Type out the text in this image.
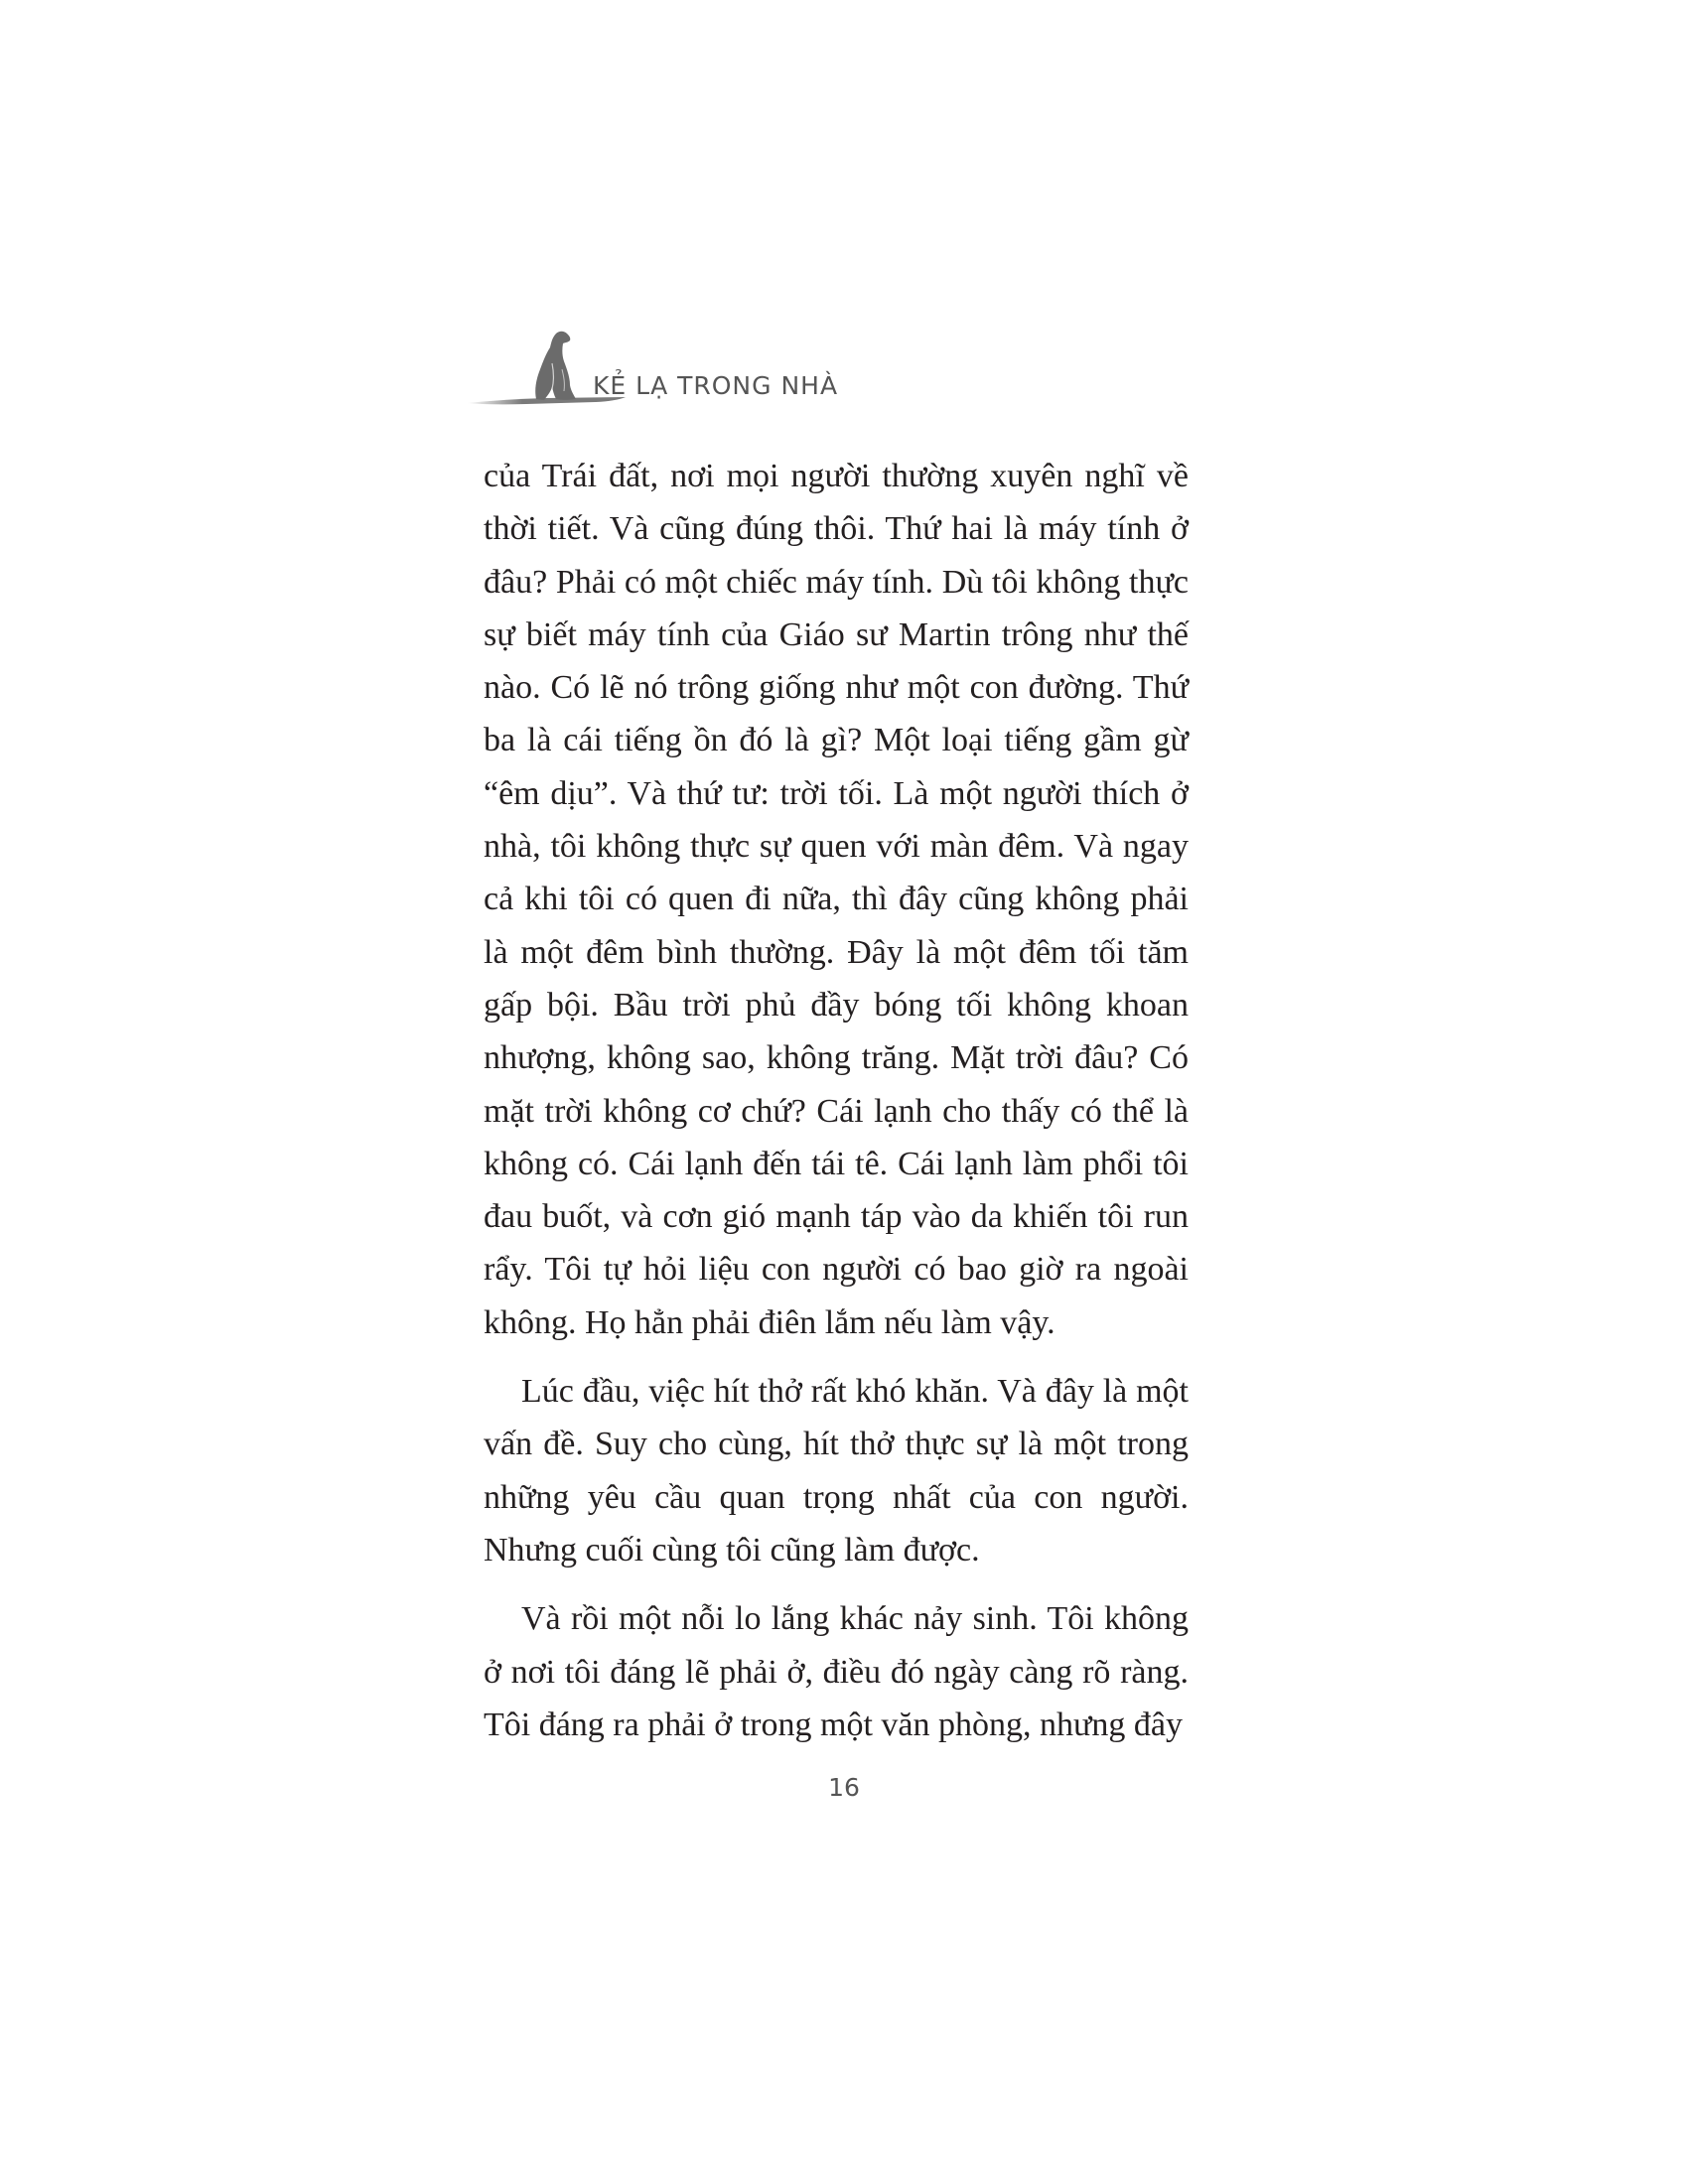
KẺ LẠ TRONG NHÀ

của Trái đất, nơi mọi người thường xuyên nghĩ về thời tiết. Và cũng đúng thôi. Thứ hai là máy tính ở đâu? Phải có một chiếc máy tính. Dù tôi không thực sự biết máy tính của Giáo sư Martin trông như thế nào. Có lẽ nó trông giống như một con đường. Thứ ba là cái tiếng ồn đó là gì? Một loại tiếng gầm gừ “êm dịu”. Và thứ tư: trời tối. Là một người thích ở nhà, tôi không thực sự quen với màn đêm. Và ngay cả khi tôi có quen đi nữa, thì đây cũng không phải là một đêm bình thường. Đây là một đêm tối tăm gấp bội. Bầu trời phủ đầy bóng tối không khoan nhượng, không sao, không trăng. Mặt trời đâu? Có mặt trời không cơ chứ? Cái lạnh cho thấy có thể là không có. Cái lạnh đến tái tê. Cái lạnh làm phổi tôi đau buốt, và cơn gió mạnh táp vào da khiến tôi run rẩy. Tôi tự hỏi liệu con người có bao giờ ra ngoài không. Họ hẳn phải điên lắm nếu làm vậy.

Lúc đầu, việc hít thở rất khó khăn. Và đây là một vấn đề. Suy cho cùng, hít thở thực sự là một trong những yêu cầu quan trọng nhất của con người. Nhưng cuối cùng tôi cũng làm được.

Và rồi một nỗi lo lắng khác nảy sinh. Tôi không ở nơi tôi đáng lẽ phải ở, điều đó ngày càng rõ ràng. Tôi đáng ra phải ở trong một văn phòng, nhưng đây

16
